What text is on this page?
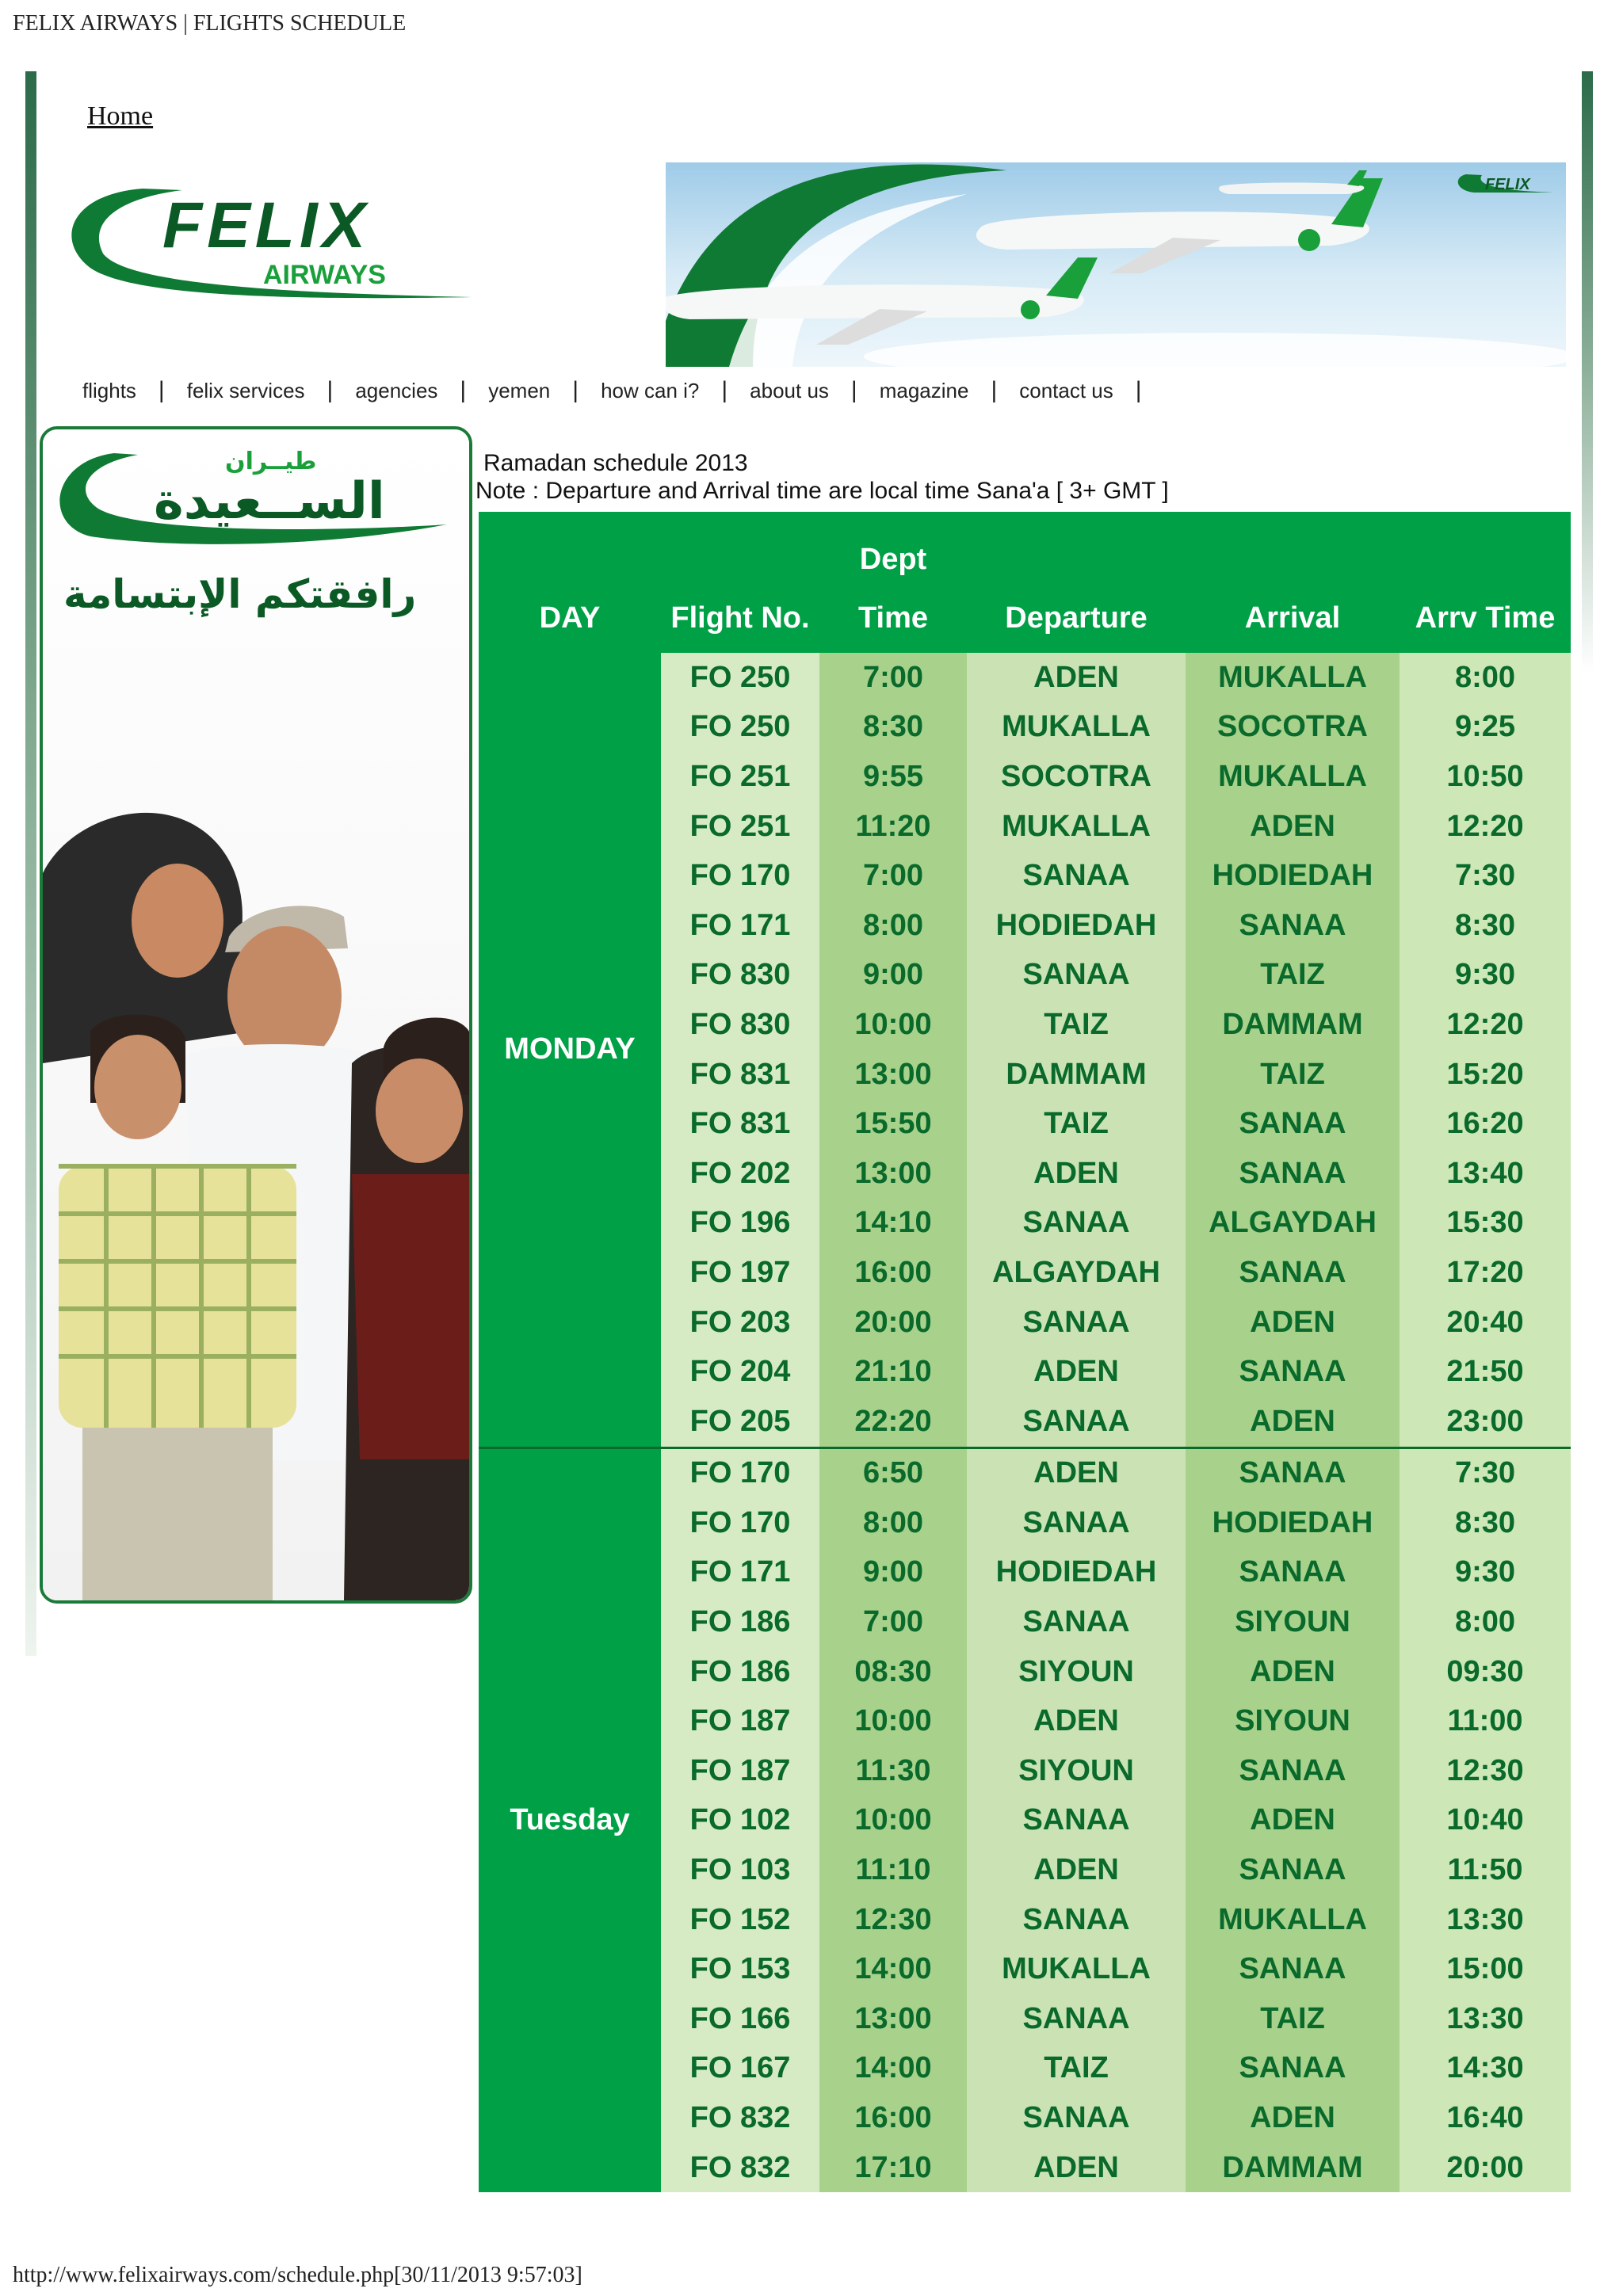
FELIX AIRWAYS | FLIGHTS SCHEDULE
Home
FELIX
AIRWAYS
FELIX
flights | felix services | agencies | yemen | how can i? | about us | magazine | contact us |
طيــران
الســعيدة
رافقتكم الإبتسامة
Ramadan schedule 2013
Note : Departure and Arrival time are local time Sana'a [ 3+ GMT ]
		Dept			
DAY	Flight No.	Time	Departure	Arrival	Arrv Time
MONDAY	FO 250	7:00	ADEN	MUKALLA	8:00
	FO 250	8:30	MUKALLA	SOCOTRA	9:25
	FO 251	9:55	SOCOTRA	MUKALLA	10:50
	FO 251	11:20	MUKALLA	ADEN	12:20
	FO 170	7:00	SANAA	HODIEDAH	7:30
	FO 171	8:00	HODIEDAH	SANAA	8:30
	FO 830	9:00	SANAA	TAIZ	9:30
	FO 830	10:00	TAIZ	DAMMAM	12:20
	FO 831	13:00	DAMMAM	TAIZ	15:20
	FO 831	15:50	TAIZ	SANAA	16:20
	FO 202	13:00	ADEN	SANAA	13:40
	FO 196	14:10	SANAA	ALGAYDAH	15:30
	FO 197	16:00	ALGAYDAH	SANAA	17:20
	FO 203	20:00	SANAA	ADEN	20:40
	FO 204	21:10	ADEN	SANAA	21:50
	FO 205	22:20	SANAA	ADEN	23:00
Tuesday	FO 170	6:50	ADEN	SANAA	7:30
	FO 170	8:00	SANAA	HODIEDAH	8:30
	FO 171	9:00	HODIEDAH	SANAA	9:30
	FO 186	7:00	SANAA	SIYOUN	8:00
	FO 186	08:30	SIYOUN	ADEN	09:30
	FO 187	10:00	ADEN	SIYOUN	11:00
	FO 187	11:30	SIYOUN	SANAA	12:30
	FO 102	10:00	SANAA	ADEN	10:40
	FO 103	11:10	ADEN	SANAA	11:50
	FO 152	12:30	SANAA	MUKALLA	13:30
	FO 153	14:00	MUKALLA	SANAA	15:00
	FO 166	13:00	SANAA	TAIZ	13:30
	FO 167	14:00	TAIZ	SANAA	14:30
	FO 832	16:00	SANAA	ADEN	16:40
	FO 832	17:10	ADEN	DAMMAM	20:00
http://www.felixairways.com/schedule.php[30/11/2013 9:57:03]
